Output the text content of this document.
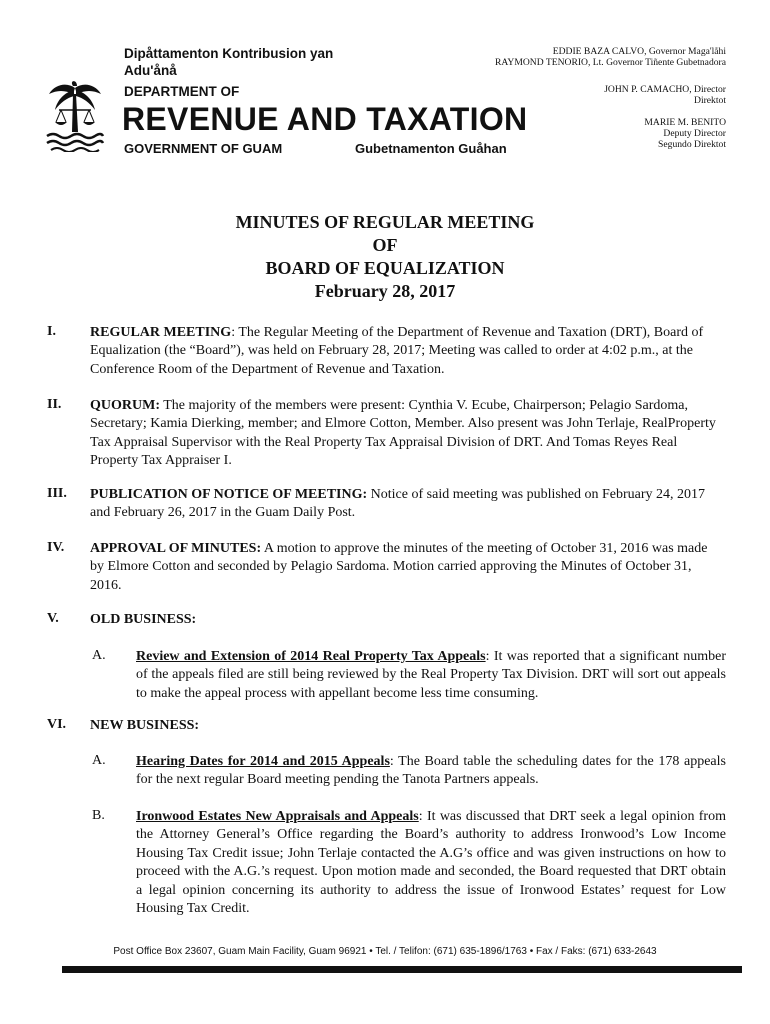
Dipåttamenton Kontribusion yan Adu'ånå
DEPARTMENT OF
REVENUE AND TAXATION
GOVERNMENT OF GUAM	Gubetnamenton Guåhan
EDDIE BAZA CALVO, Governor Maga'låhi
RAYMOND TENORIO, Lt. Governor Tiñente Gubetnadora
JOHN P. CAMACHO, Director
Direktot
MARIE M. BENITO
Deputy Director
Segundo Direktot
MINUTES OF REGULAR MEETING
OF
BOARD OF EQUALIZATION
February 28, 2017
I. REGULAR MEETING: The Regular Meeting of the Department of Revenue and Taxation (DRT), Board of Equalization (the “Board”), was held on February 28, 2017; Meeting was called to order at 4:02 p.m., at the Conference Room of the Department of Revenue and Taxation.
II. QUORUM: The majority of the members were present: Cynthia V. Ecube, Chairperson; Pelagio Sardoma, Secretary; Kamia Dierking, member; and Elmore Cotton, Member. Also present was John Terlaje, RealProperty Tax Appraisal Supervisor with the Real Property Tax Appraisal Division of DRT. And Tomas Reyes Real Property Tax Appraiser I.
III. PUBLICATION OF NOTICE OF MEETING: Notice of said meeting was published on February 24, 2017 and February 26, 2017 in the Guam Daily Post.
IV. APPROVAL OF MINUTES: A motion to approve the minutes of the meeting of October 31, 2016 was made by Elmore Cotton and seconded by Pelagio Sardoma. Motion carried approving the Minutes of October 31, 2016.
V. OLD BUSINESS:
A. Review and Extension of 2014 Real Property Tax Appeals: It was reported that a significant number of the appeals filed are still being reviewed by the Real Property Tax Division. DRT will sort out appeals to make the appeal process with appellant become less time consuming.
VI. NEW BUSINESS:
A. Hearing Dates for 2014 and 2015 Appeals: The Board table the scheduling dates for the 178 appeals for the next regular Board meeting pending the Tanota Partners appeals.
B. Ironwood Estates New Appraisals and Appeals: It was discussed that DRT seek a legal opinion from the Attorney General’s Office regarding the Board’s authority to address Ironwood’s Low Income Housing Tax Credit issue; John Terlaje contacted the A.G’s office and was given instructions on how to proceed with the A.G.’s request. Upon motion made and seconded, the Board requested that DRT obtain a legal opinion concerning its authority to address the issue of Ironwood Estates’ request for Low Housing Tax Credit.
Post Office Box 23607, Guam Main Facility, Guam 96921 • Tel. / Telifon: (671) 635-1896/1763 • Fax / Faks: (671) 633-2643
